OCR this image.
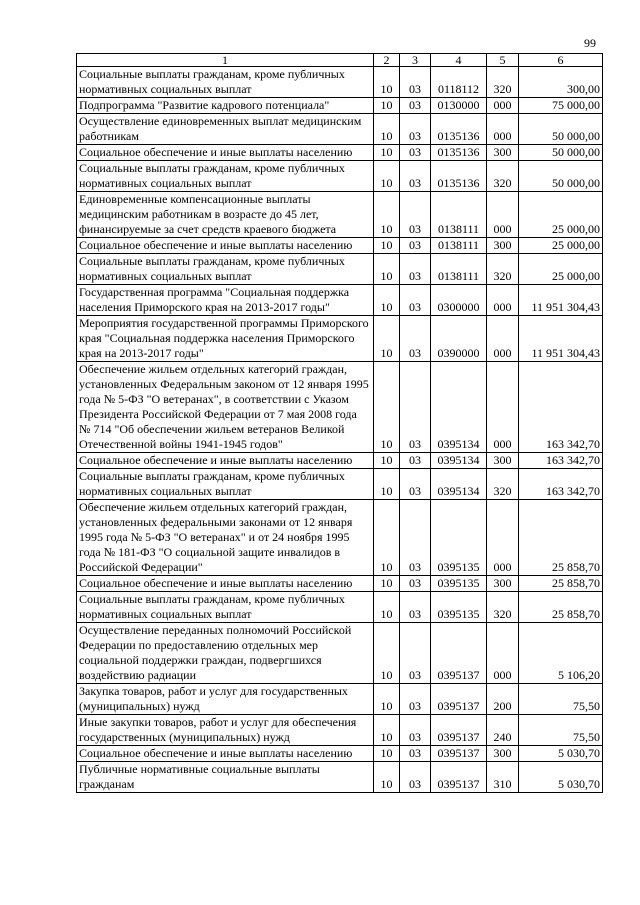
99
1	2	3	4	5	6
Социальные выплаты гражданам, кроме публичных нормативных социальных выплат	10	03	0118112	320	300,00
Подпрограмма "Развитие кадрового потенциала"	10	03	0130000	000	75 000,00
Осуществление единовременных выплат медицинским работникам	10	03	0135136	000	50 000,00
Социальное обеспечение и иные выплаты населению	10	03	0135136	300	50 000,00
Социальные выплаты гражданам, кроме публичных нормативных социальных выплат	10	03	0135136	320	50 000,00
Единовременные компенсационные выплаты медицинским работникам в возрасте до 45 лет, финансируемые за счет средств краевого бюджета	10	03	0138111	000	25 000,00
Социальное обеспечение и иные выплаты населению	10	03	0138111	300	25 000,00
Социальные выплаты гражданам, кроме публичных нормативных социальных выплат	10	03	0138111	320	25 000,00
Государственная программа "Социальная поддержка населения Приморского края на 2013-2017 годы"	10	03	0300000	000	11 951 304,43
Мероприятия государственной программы Приморского края "Социальная поддержка населения Приморского края на 2013-2017 годы"	10	03	0390000	000	11 951 304,43
Обеспечение жильем отдельных категорий граждан, установленных Федеральным законом от 12 января 1995 года № 5-ФЗ "О ветеранах", в соответствии с Указом Президента Российской Федерации от 7 мая 2008 года № 714 "Об обеспечении жильем ветеранов Великой Отечественной войны 1941-1945 годов"	10	03	0395134	000	163 342,70
Социальное обеспечение и иные выплаты населению	10	03	0395134	300	163 342,70
Социальные выплаты гражданам, кроме публичных нормативных социальных выплат	10	03	0395134	320	163 342,70
Обеспечение жильем отдельных категорий граждан, установленных федеральными законами от 12 января 1995 года № 5-ФЗ "О ветеранах" и от 24 ноября 1995 года № 181-ФЗ "О социальной защите инвалидов в Российской Федерации"	10	03	0395135	000	25 858,70
Социальное обеспечение и иные выплаты населению	10	03	0395135	300	25 858,70
Социальные выплаты гражданам, кроме публичных нормативных социальных выплат	10	03	0395135	320	25 858,70
Осуществление переданных полномочий Российской Федерации по предоставлению отдельных мер социальной поддержки граждан, подвергшихся воздействию радиации	10	03	0395137	000	5 106,20
Закупка товаров, работ и услуг для государственных (муниципальных) нужд	10	03	0395137	200	75,50
Иные закупки товаров, работ и услуг для обеспечения государственных (муниципальных) нужд	10	03	0395137	240	75,50
Социальное обеспечение и иные выплаты населению	10	03	0395137	300	5 030,70
Публичные нормативные социальные выплаты гражданам	10	03	0395137	310	5 030,70
